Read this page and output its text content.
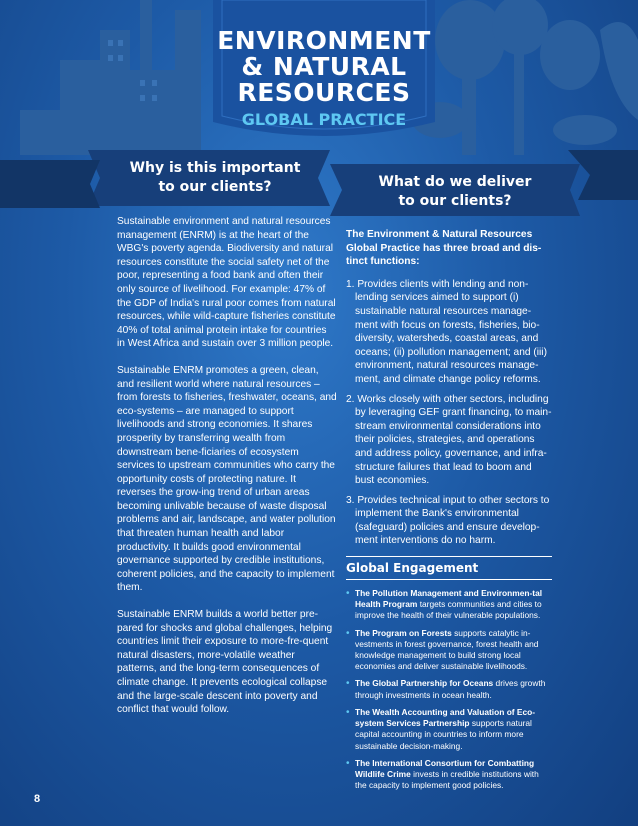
ENVIRONMENT
& NATURAL
RESOURCES
GLOBAL PRACTICE
Why is this important
to our clients?	What do we deliver
to our clients?

Sustainable environment and natural resources management (ENRM) is at the heart of the WBG's poverty agenda. Biodiversity and natural resources constitute the social safety net of the poor, representing a food bank and often their only source of livelihood. For example: 47% of the GDP of India's rural poor comes from natural resources, while wild-capture fisheries constitute 40% of total animal protein intake for countries in West Africa and sustain over 3 million people.

Sustainable ENRM promotes a green, clean, and resilient world where natural resources – from forests to fisheries, freshwater, oceans, and eco-systems – are managed to support livelihoods and strong economies. It shares prosperity by transferring wealth from downstream bene-ficiaries of ecosystem services to upstream communities who carry the opportunity costs of protecting nature. It reverses the grow-ing trend of urban areas becoming unlivable because of waste disposal problems and air, landscape, and water pollution that threaten human health and labor productivity. It builds good environmental governance supported by credible institutions, coherent policies, and the capacity to implement them.

Sustainable ENRM builds a world better pre-pared for shocks and global challenges, helping countries limit their exposure to more-fre-quent natural disasters, more-volatile weather patterns, and the long-term consequences of climate change. It prevents ecological collapse and the large-scale descent into poverty and conflict that would follow.

The Environment & Natural Resources Global Practice has three broad and dis-tinct functions:

1. Provides clients with lending and non-lending services aimed to support (i) sustainable natural resources manage-ment with focus on forests, fisheries, bio-diversity, watersheds, coastal areas, and oceans; (ii) pollution management; and (iii) environment, natural resources manage-ment, and climate change policy reforms.

2. Works closely with other sectors, including by leveraging GEF grant financing, to main-stream environmental considerations into their policies, strategies, and operations and address policy, governance, and infra-structure failures that lead to boom and bust economies.

3. Provides technical input to other sectors to implement the Bank's environmental (safeguard) policies and ensure develop-ment interventions do no harm.

Global Engagement
• The Pollution Management and Environmen-tal Health Program targets communities and cities to improve the health of their vulnerable populations.
• The Program on Forests supports catalytic in-vestments in forest governance, forest health and knowledge management to build strong local economies and deliver sustainable livelihoods.
• The Global Partnership for Oceans drives growth through investments in ocean health.
• The Wealth Accounting and Valuation of Eco-system Services Partnership supports natural capital accounting in countries to inform more sustainable decision-making.
• The International Consortium for Combatting Wildlife Crime invests in credible institutions with the capacity to implement good policies.
8
